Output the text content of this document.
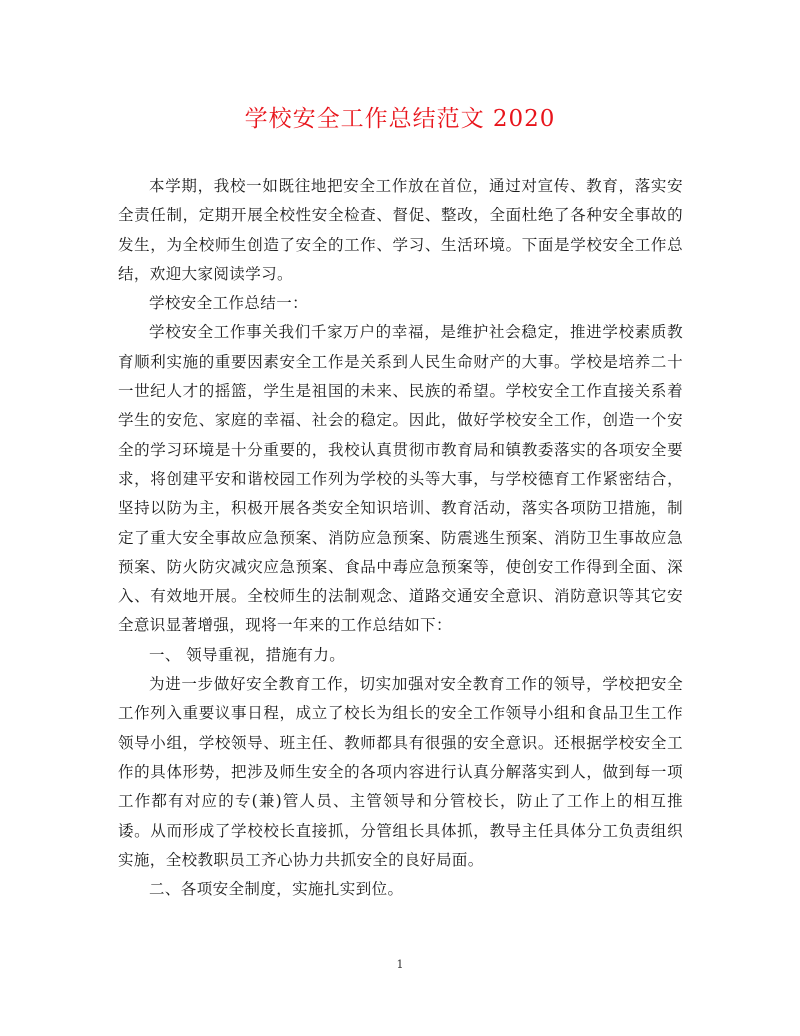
学校安全工作总结范文 2020

本学期，我校一如既往地把安全工作放在首位，通过对宣传、教育，落实安全责任制，定期开展全校性安全检查、督促、整改，全面杜绝了各种安全事故的发生，为全校师生创造了安全的工作、学习、生活环境。下面是学校安全工作总结，欢迎大家阅读学习。

学校安全工作总结一：

学校安全工作事关我们千家万户的幸福，是维护社会稳定，推进学校素质教育顺利实施的重要因素安全工作是关系到人民生命财产的大事。学校是培养二十一世纪人才的摇篮，学生是祖国的未来、民族的希望。学校安全工作直接关系着学生的安危、家庭的幸福、社会的稳定。因此，做好学校安全工作，创造一个安全的学习环境是十分重要的，我校认真贯彻市教育局和镇教委落实的各项安全要求，将创建平安和谐校园工作列为学校的头等大事，与学校德育工作紧密结合，坚持以防为主，积极开展各类安全知识培训、教育活动，落实各项防卫措施，制定了重大安全事故应急预案、消防应急预案、防震逃生预案、消防卫生事故应急预案、防火防灾减灾应急预案、食品中毒应急预案等，使创安工作得到全面、深入、有效地开展。全校师生的法制观念、道路交通安全意识、消防意识等其它安全意识显著增强，现将一年来的工作总结如下：

一、 领导重视，措施有力。

为进一步做好安全教育工作，切实加强对安全教育工作的领导，学校把安全工作列入重要议事日程，成立了校长为组长的安全工作领导小组和食品卫生工作领导小组，学校领导、班主任、教师都具有很强的安全意识。还根据学校安全工作的具体形势，把涉及师生安全的各项内容进行认真分解落实到人，做到每一项工作都有对应的专(兼)管人员、主管领导和分管校长，防止了工作上的相互推诿。从而形成了学校校长直接抓，分管组长具体抓，教导主任具体分工负责组织实施，全校教职员工齐心协力共抓安全的良好局面。

二、各项安全制度，实施扎实到位。

1
